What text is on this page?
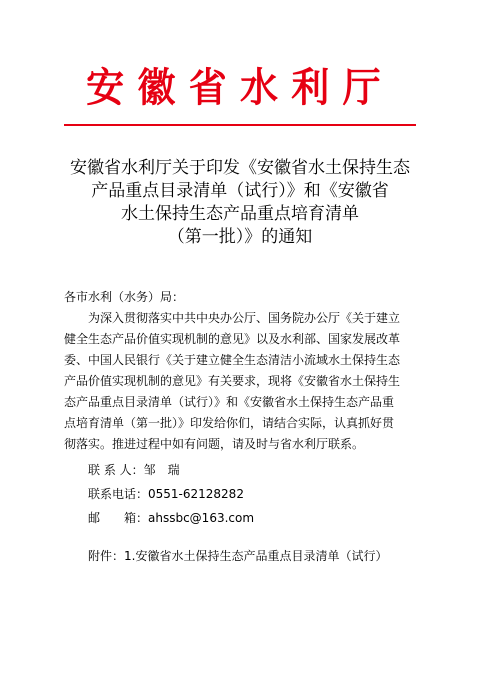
安徽省水利厅
安徽省水利厅关于印发《安徽省水土保持生态
产品重点目录清单（试行）》和《安徽省
水土保持生态产品重点培育清单
（第一批）》的通知
各市水利（水务）局：
为深入贯彻落实中共中央办公厅、国务院办公厅《关于建立
健全生态产品价值实现机制的意见》以及水利部、国家发展改革
委、中国人民银行《关于建立健全生态清洁小流域水土保持生态
产品价值实现机制的意见》有关要求，现将《安徽省水土保持生
态产品重点目录清单（试行）》和《安徽省水土保持生态产品重
点培育清单（第一批）》印发给你们，请结合实际，认真抓好贯
彻落实。推进过程中如有问题，请及时与省水利厅联系。
联 系 人：邹　瑞
联系电话：0551-62128282
邮　　箱：ahssbc@163.com
附件：1.安徽省水土保持生态产品重点目录清单（试行）
